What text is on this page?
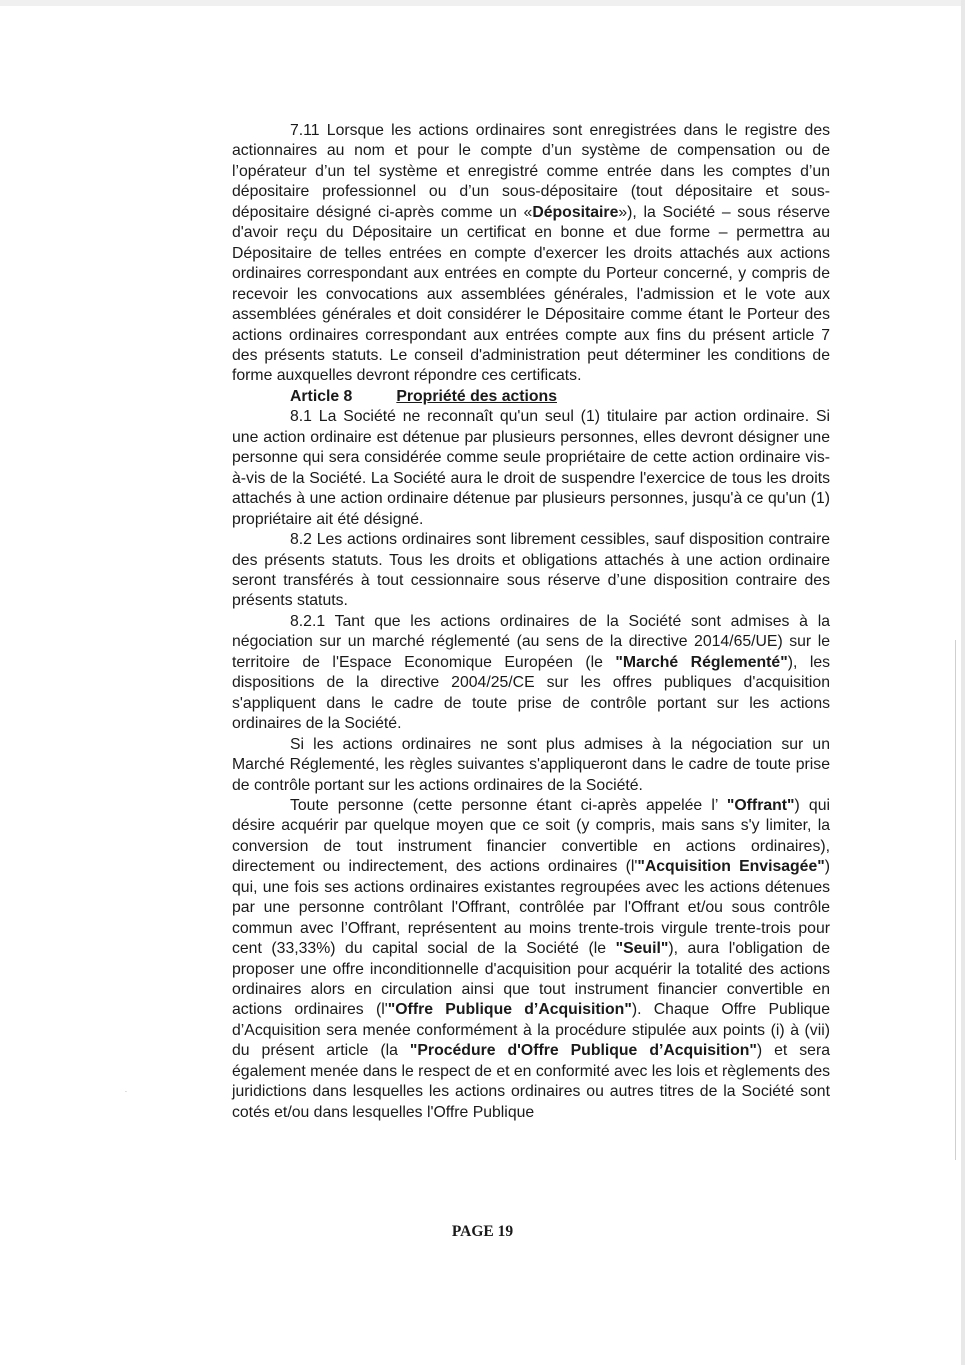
˙

7.11 Lorsque les actions ordinaires sont enregistrées dans le registre des actionnaires au nom et pour le compte d’un système de compensation ou de l’opérateur d’un tel système et enregistré comme entrée dans les comptes d’un dépositaire professionnel ou d’un sous-dépositaire (tout dépositaire et sous-dépositaire désigné ci-après comme un «Dépositaire»), la Société – sous réserve d'avoir reçu du Dépositaire un certificat en bonne et due forme – permettra au Dépositaire de telles entrées en compte d'exercer les droits attachés aux actions ordinaires correspondant aux entrées en compte du Porteur concerné, y compris de recevoir les convocations aux assemblées générales, l'admission et le vote aux assemblées générales et doit considérer le Dépositaire comme étant le Porteur des actions ordinaires correspondant aux entrées compte aux fins du présent article 7 des présents statuts. Le conseil d'administration peut déterminer les conditions de forme auxquelles devront répondre ces certificats.

Article 8	Propriété des actions

8.1 La Société ne reconnaît qu'un seul (1) titulaire par action ordinaire. Si une action ordinaire est détenue par plusieurs personnes, elles devront désigner une personne qui sera considérée comme seule propriétaire de cette action ordinaire vis-à-vis de la Société. La Société aura le droit de suspendre l'exercice de tous les droits attachés à une action ordinaire détenue par plusieurs personnes, jusqu'à ce qu'un (1) propriétaire ait été désigné.

8.2 Les actions ordinaires sont librement cessibles, sauf disposition contraire des présents statuts. Tous les droits et obligations attachés à une action ordinaire seront transférés à tout cessionnaire sous réserve d’une disposition contraire des présents statuts.

8.2.1 Tant que les actions ordinaires de la Société sont admises à la négociation sur un marché réglementé (au sens de la directive 2014/65/UE) sur le territoire de l'Espace Economique Européen (le "Marché Réglementé"), les dispositions de la directive 2004/25/CE sur les offres publiques d'acquisition s'appliquent dans le cadre de toute prise de contrôle portant sur les actions ordinaires de la Société.

Si les actions ordinaires ne sont plus admises à la négociation sur un Marché Réglementé, les règles suivantes s'appliqueront dans le cadre de toute prise de contrôle portant sur les actions ordinaires de la Société.

Toute personne (cette personne étant ci-après appelée l’ "Offrant") qui désire acquérir par quelque moyen que ce soit (y compris, mais sans s'y limiter, la conversion de tout instrument financier convertible en actions ordinaires), directement ou indirectement, des actions ordinaires (l'"Acquisition Envisagée") qui, une fois ses actions ordinaires existantes regroupées avec les actions détenues par une personne contrôlant l'Offrant, contrôlée par l'Offrant et/ou sous contrôle commun avec l’Offrant, représentent au moins trente-trois virgule trente-trois pour cent (33,33%) du capital social de la Société (le "Seuil"), aura l'obligation de proposer une offre inconditionnelle d'acquisition pour acquérir la totalité des actions ordinaires alors en circulation ainsi que tout instrument financier convertible en actions ordinaires (l'"Offre Publique d’Acquisition"). Chaque Offre Publique d’Acquisition sera menée conformément à la procédure stipulée aux points (i) à (vii) du présent article (la "Procédure d'Offre Publique d’Acquisition") et sera également menée dans le respect de et en conformité avec les lois et règlements des juridictions dans lesquelles les actions ordinaires ou autres titres de la Société sont cotés et/ou dans lesquelles l'Offre Publique

PAGE 19
